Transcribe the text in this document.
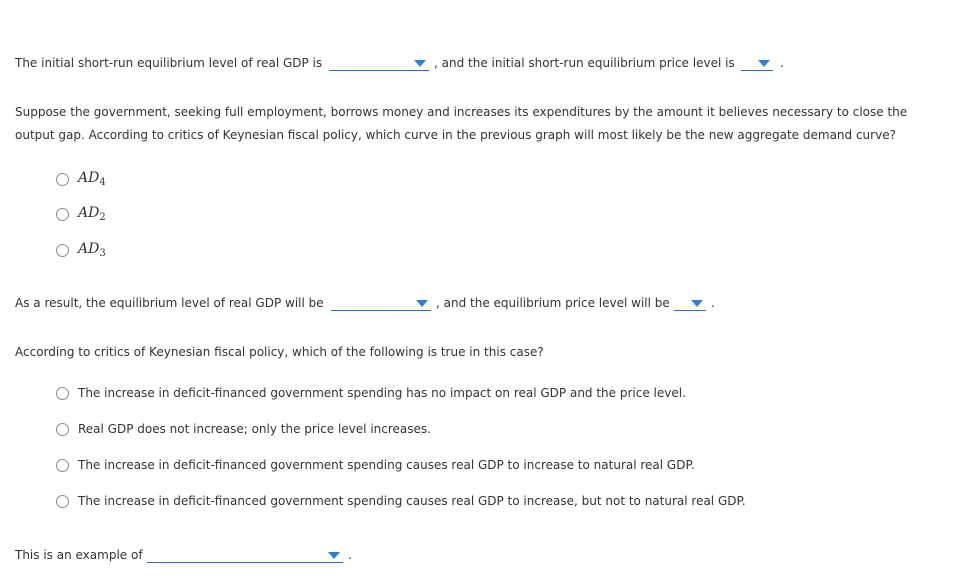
The initial short-run equilibrium level of real GDP is	, and the initial short-run equilibrium price level is	.
Suppose the government, seeking full employment, borrows money and increases its expenditures by the amount it believes necessary to close the
output gap. According to critics of Keynesian fiscal policy, which curve in the previous graph will most likely be the new aggregate demand curve?
$AD_4$
$AD_2$
$AD_3$
As a result, the equilibrium level of real GDP will be	, and the equilibrium price level will be	.
According to critics of Keynesian fiscal policy, which of the following is true in this case?
The increase in deficit-financed government spending has no impact on real GDP and the price level.
Real GDP does not increase; only the price level increases.
The increase in deficit-financed government spending causes real GDP to increase to natural real GDP.
The increase in deficit-financed government spending causes real GDP to increase, but not to natural real GDP.
This is an example of	.
